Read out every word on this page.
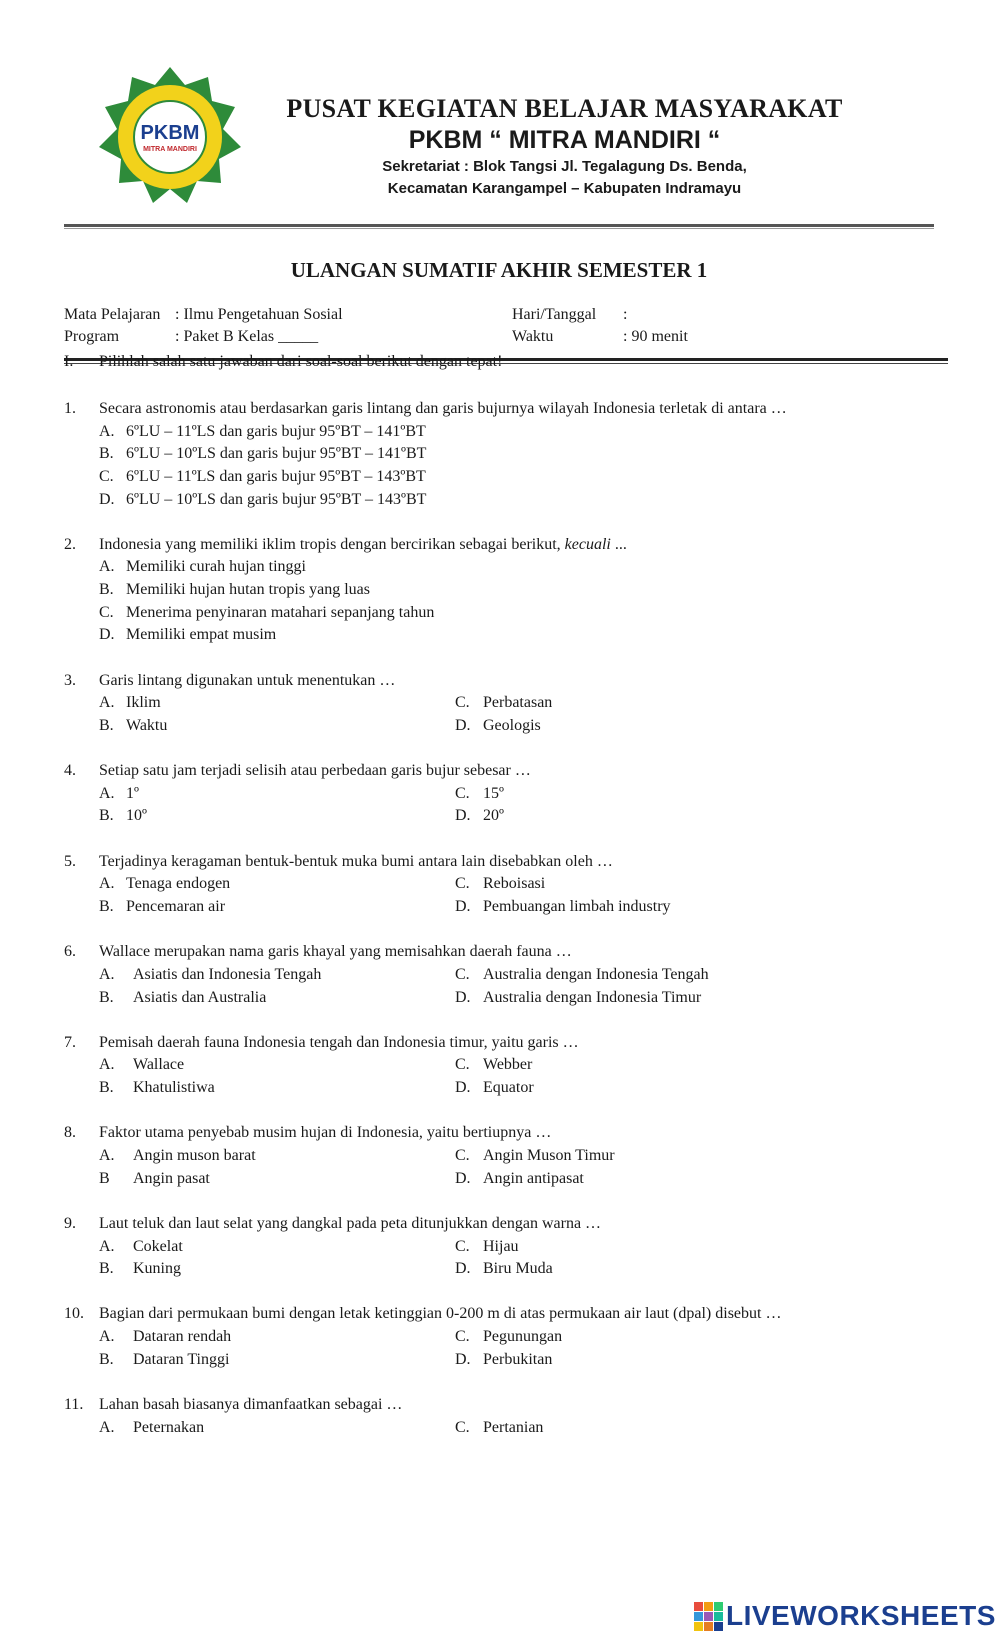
PKBM
MITRA MANDIRI
PUSAT KEGIATAN BELAJAR MASYARAKAT
PKBM “ MITRA MANDIRI “
Sekretariat : Blok Tangsi Jl. Tegalagung Ds. Benda,
Kecamatan Karangampel – Kabupaten Indramayu
ULANGAN SUMATIF AKHIR SEMESTER 1
Mata Pelajaran : Ilmu Pengetahuan Sosial
Program	: Paket B Kelas _____
Hari/Tanggal :
Waktu	: 90 menit
I. Pilihlah salah satu jawaban dari soal-soal berikut dengan tepat!
1. Secara astronomis atau berdasarkan garis lintang dan garis bujurnya wilayah Indonesia terletak di antara …
A. 6ºLU – 11ºLS dan garis bujur 95ºBT – 141ºBT
B. 6ºLU – 10ºLS dan garis bujur 95ºBT – 141ºBT
C. 6ºLU – 11ºLS dan garis bujur 95ºBT – 143ºBT
D. 6ºLU – 10ºLS dan garis bujur 95ºBT – 143ºBT
2. Indonesia yang memiliki iklim tropis dengan bercirikan sebagai berikut, kecuali ...
A. Memiliki curah hujan tinggi
B. Memiliki hujan hutan tropis yang luas
C. Menerima penyinaran matahari sepanjang tahun
D. Memiliki empat musim
3. Garis lintang digunakan untuk menentukan …
A. Iklim
B. Waktu
C. Perbatasan
D. Geologis
4. Setiap satu jam terjadi selisih atau perbedaan garis bujur sebesar …
A. 1º
B. 10º
C. 15º
D. 20º
5. Terjadinya keragaman bentuk-bentuk muka bumi antara lain disebabkan oleh …
A. Tenaga endogen
B. Pencemaran air
C. Reboisasi
D. Pembuangan limbah industry
6. Wallace merupakan nama garis khayal yang memisahkan daerah fauna …
A. Asiatis dan Indonesia Tengah
B. Asiatis dan Australia
C. Australia dengan Indonesia Tengah
D. Australia dengan Indonesia Timur
7. Pemisah daerah fauna Indonesia tengah dan Indonesia timur, yaitu garis …
A. Wallace
B. Khatulistiwa
C. Webber
D. Equator
8. Faktor utama penyebab musim hujan di Indonesia, yaitu bertiupnya …
A. Angin muson barat
B Angin pasat
C. Angin Muson Timur
D. Angin antipasat
9. Laut teluk dan laut selat yang dangkal pada peta ditunjukkan dengan warna …
A. Cokelat
B. Kuning
C. Hijau
D. Biru Muda
10. Bagian dari permukaan bumi dengan letak ketinggian 0-200 m di atas permukaan air laut (dpal) disebut …
A. Dataran rendah
B. Dataran Tinggi
C. Pegunungan
D. Perbukitan
11. Lahan basah biasanya dimanfaatkan sebagai …
A. Peternakan	C. Pertanian
LIVEWORKSHEETS
